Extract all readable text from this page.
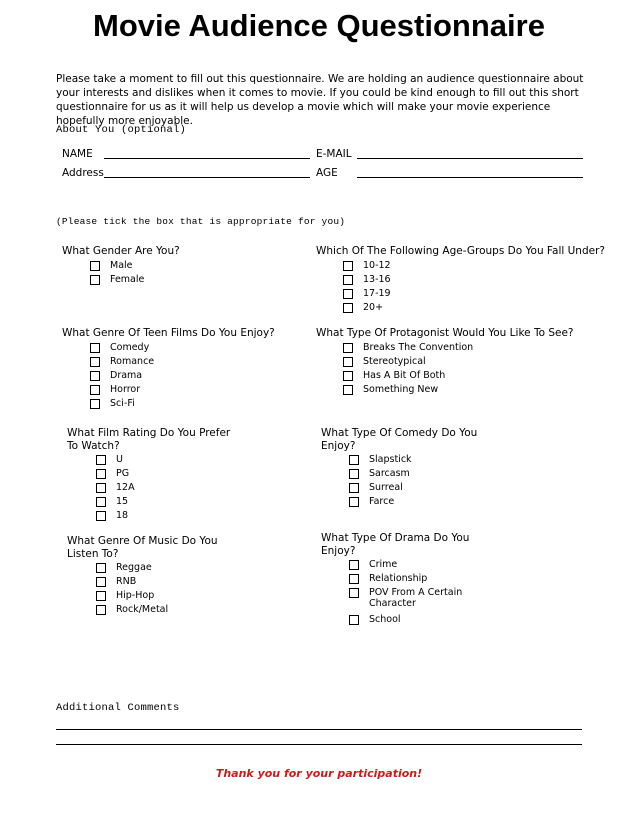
Movie Audience Questionnaire
Please take a moment to fill out this questionnaire. We are holding an audience questionnaire about your interests and dislikes when it comes to movie. If you could be kind enough to fill out this short questionnaire for us as it will help us develop a movie which will make your movie experience hopefully more enjoyable.
About You (optional)
NAME	E-MAIL
Address	AGE
(Please tick the box that is appropriate for you)
What Gender Are You?
Male
Female
Which Of The Following Age-Groups Do You Fall Under?
10-12
13-16
17-19
20+
What Genre Of Teen Films Do You Enjoy?
Comedy
Romance
Drama
Horror
Sci-Fi
What Type Of Protagonist Would You Like To See?
Breaks The Convention
Stereotypical
Has A Bit Of Both
Something New
What Film Rating Do You Prefer
To Watch?
U
PG
12A
15
18
What Type Of Comedy Do You
Enjoy?
Slapstick
Sarcasm
Surreal
Farce
What Genre Of Music Do You
Listen To?
Reggae
RNB
Hip-Hop
Rock/Metal
What Type Of Drama Do You
Enjoy?
Crime
Relationship
POV From A Certain Character
School
Additional Comments
Thank you for your participation!
